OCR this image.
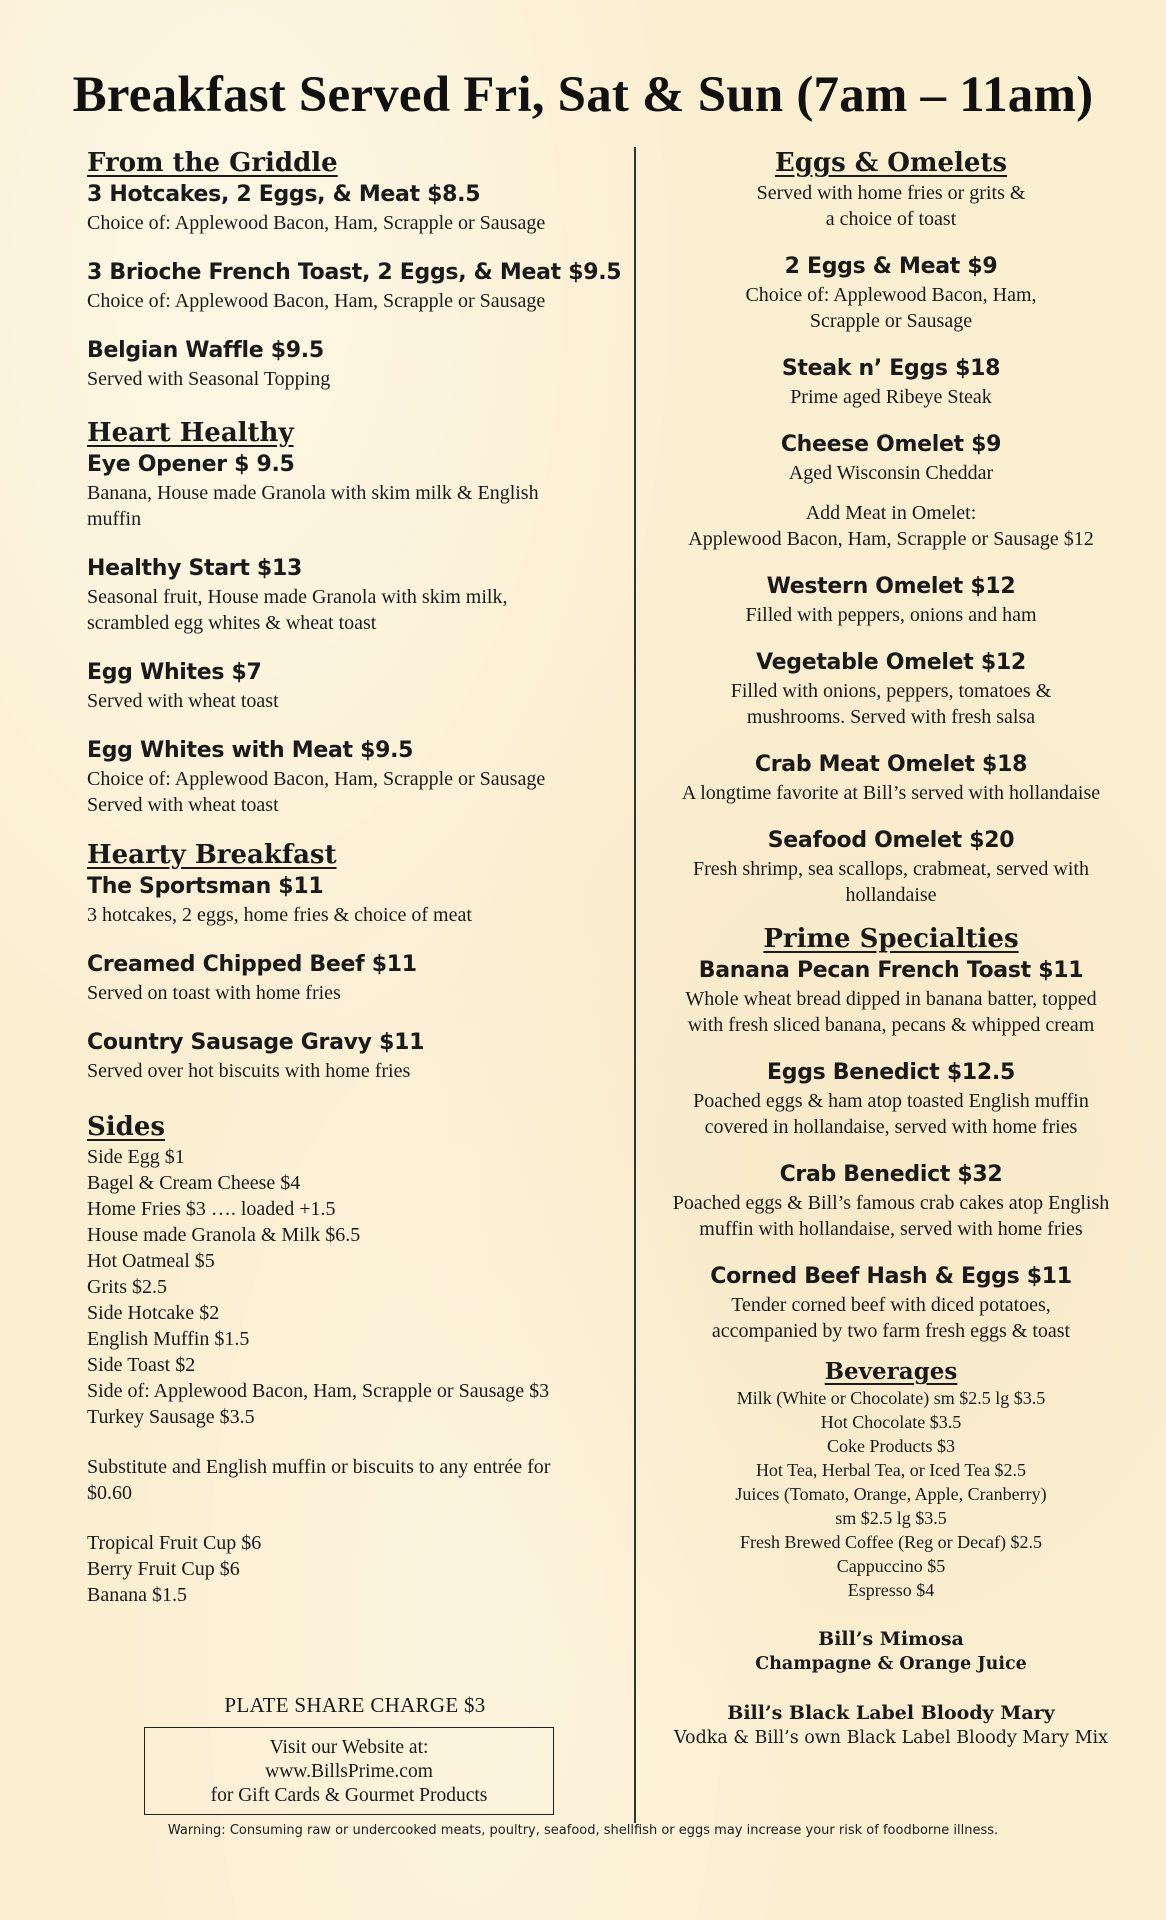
Breakfast Served Fri, Sat & Sun (7am – 11am)
From the Griddle
3 Hotcakes, 2 Eggs, & Meat $8.5
Choice of: Applewood Bacon, Ham, Scrapple or Sausage
3 Brioche French Toast, 2 Eggs, & Meat $9.5
Choice of: Applewood Bacon, Ham, Scrapple or Sausage
Belgian Waffle $9.5
Served with Seasonal Topping
Heart Healthy
Eye Opener $ 9.5
Banana, House made Granola with skim milk & English
muffin
Healthy Start $13
Seasonal fruit, House made Granola with skim milk,
scrambled egg whites & wheat toast
Egg Whites $7
Served with wheat toast
Egg Whites with Meat $9.5
Choice of: Applewood Bacon, Ham, Scrapple or Sausage
Served with wheat toast
Hearty Breakfast
The Sportsman $11
3 hotcakes, 2 eggs, home fries & choice of meat
Creamed Chipped Beef $11
Served on toast with home fries
Country Sausage Gravy $11
Served over hot biscuits with home fries
Sides
Side Egg $1
Bagel & Cream Cheese $4
Home Fries $3 …. loaded +1.5
House made Granola & Milk $6.5
Hot Oatmeal $5
Grits $2.5
Side Hotcake $2
English Muffin $1.5
Side Toast $2
Side of: Applewood Bacon, Ham, Scrapple or Sausage $3
Turkey Sausage $3.5
Substitute and English muffin or biscuits to any entrée for
$0.60
Tropical Fruit Cup $6
Berry Fruit Cup $6
Banana $1.5
PLATE SHARE CHARGE $3
Visit our Website at:
www.BillsPrime.com
for Gift Cards & Gourmet Products
Eggs & Omelets
Served with home fries or grits &
a choice of toast
2 Eggs & Meat $9
Choice of: Applewood Bacon, Ham,
Scrapple or Sausage
Steak n’ Eggs $18
Prime aged Ribeye Steak
Cheese Omelet $9
Aged Wisconsin Cheddar
Add Meat in Omelet:
Applewood Bacon, Ham, Scrapple or Sausage $12
Western Omelet $12
Filled with peppers, onions and ham
Vegetable Omelet $12
Filled with onions, peppers, tomatoes &
mushrooms. Served with fresh salsa
Crab Meat Omelet $18
A longtime favorite at Bill’s served with hollandaise
Seafood Omelet $20
Fresh shrimp, sea scallops, crabmeat, served with
hollandaise
Prime Specialties
Banana Pecan French Toast $11
Whole wheat bread dipped in banana batter, topped
with fresh sliced banana, pecans & whipped cream
Eggs Benedict $12.5
Poached eggs & ham atop toasted English muffin
covered in hollandaise, served with home fries
Crab Benedict $32
Poached eggs & Bill’s famous crab cakes atop English
muffin with hollandaise, served with home fries
Corned Beef Hash & Eggs $11
Tender corned beef with diced potatoes,
accompanied by two farm fresh eggs & toast
Beverages
Milk (White or Chocolate) sm $2.5 lg $3.5
Hot Chocolate $3.5
Coke Products $3
Hot Tea, Herbal Tea, or Iced Tea $2.5
Juices (Tomato, Orange, Apple, Cranberry)
sm $2.5 lg $3.5
Fresh Brewed Coffee (Reg or Decaf) $2.5
Cappuccino $5
Espresso $4
Bill’s Mimosa
Champagne & Orange Juice
Bill’s Black Label Bloody Mary
Vodka & Bill’s own Black Label Bloody Mary Mix
Warning: Consuming raw or undercooked meats, poultry, seafood, shellfish or eggs may increase your risk of foodborne illness.
